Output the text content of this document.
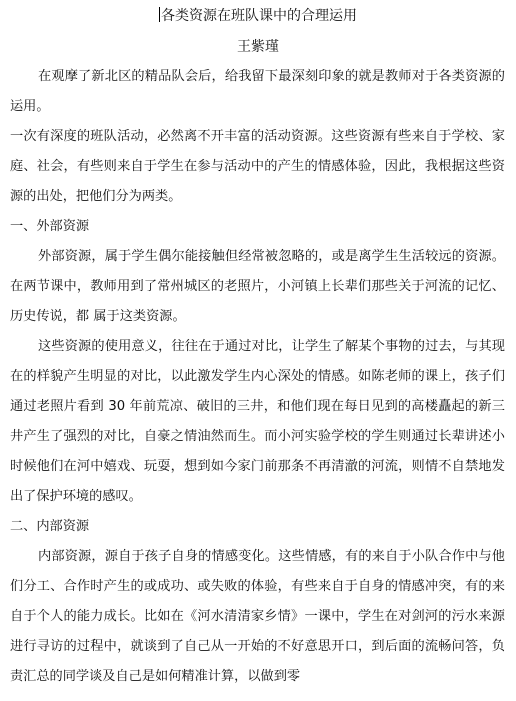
各类资源在班队课中的合理运用
王紫瑾

在观摩了新北区的精品队会后，给我留下最深刻印象的就是教师对于各类资源的运用。

一次有深度的班队活动，必然离不开丰富的活动资源。这些资源有些来自于学校、家庭、社会，有些则来自于学生在参与活动中的产生的情感体验，因此，我根据这些资源的出处，把他们分为两类。

一、外部资源

外部资源，属于学生偶尔能接触但经常被忽略的，或是离学生生活较远的资源。在两节课中，教师用到了常州城区的老照片，小河镇上长辈们那些关于河流的记忆、历史传说，都 属于这类资源。

这些资源的使用意义，往往在于通过对比，让学生了解某个事物的过去，与其现在的样貌产生明显的对比，以此激发学生内心深处的情感。如陈老师的课上，孩子们通过老照片看到 30 年前荒凉、破旧的三井，和他们现在每日见到的高楼矗起的新三井产生了强烈的对比，自豪之情油然而生。而小河实验学校的学生则通过长辈讲述小时候他们在河中嬉戏、玩耍，想到如今家门前那条不再清澈的河流，则情不自禁地发出了保护环境的感叹。

二、内部资源

内部资源，源自于孩子自身的情感变化。这些情感，有的来自于小队合作中与他们分工、合作时产生的或成功、或失败的体验，有些来自于自身的情感冲突，有的来自于个人的能力成长。比如在《河水清清家乡情》一课中，学生在对剑河的污水来源进行寻访的过程中，就谈到了自己从一开始的不好意思开口，到后面的流畅问答，负责汇总的同学谈及自己是如何精准计算，以做到零
